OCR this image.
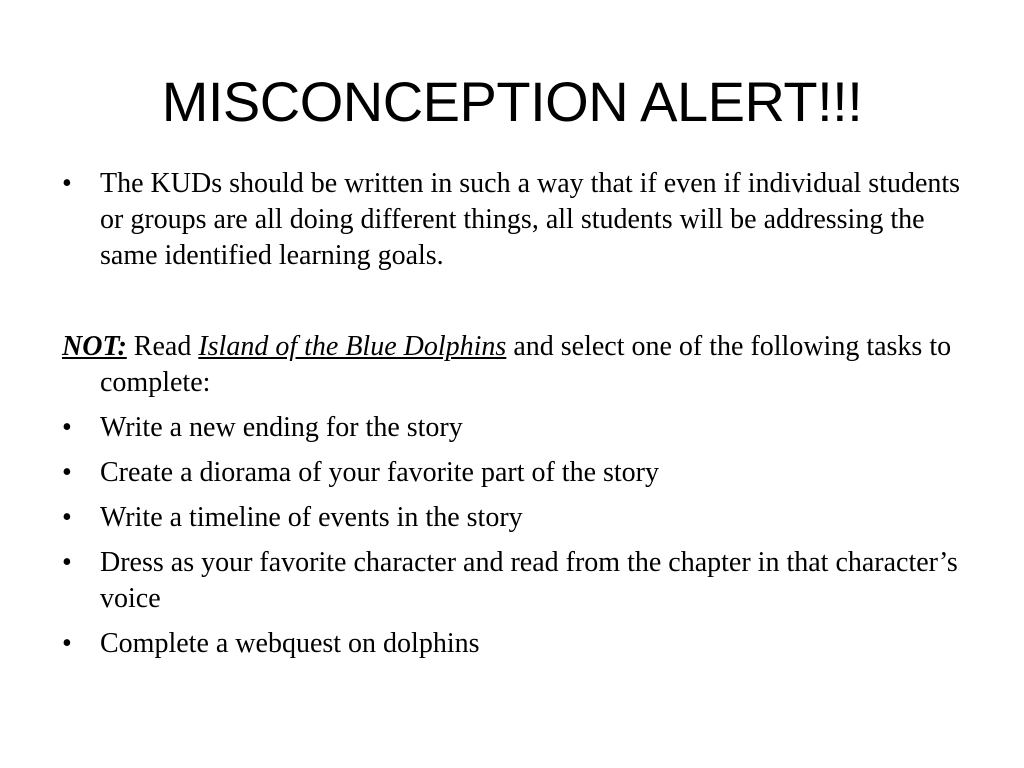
MISCONCEPTION ALERT!!!
•	The KUDs should be written in such a way that if even if individual students or groups are all doing different things, all students will be addressing the same identified learning goals.

NOT: Read Island of the Blue Dolphins and select one of the following tasks to complete:

•	Write a new ending for the story
•	Create a diorama of your favorite part of the story
•	Write a timeline of events in the story
•	Dress as your favorite character and read from the chapter in that character’s voice
•	Complete a webquest on dolphins
